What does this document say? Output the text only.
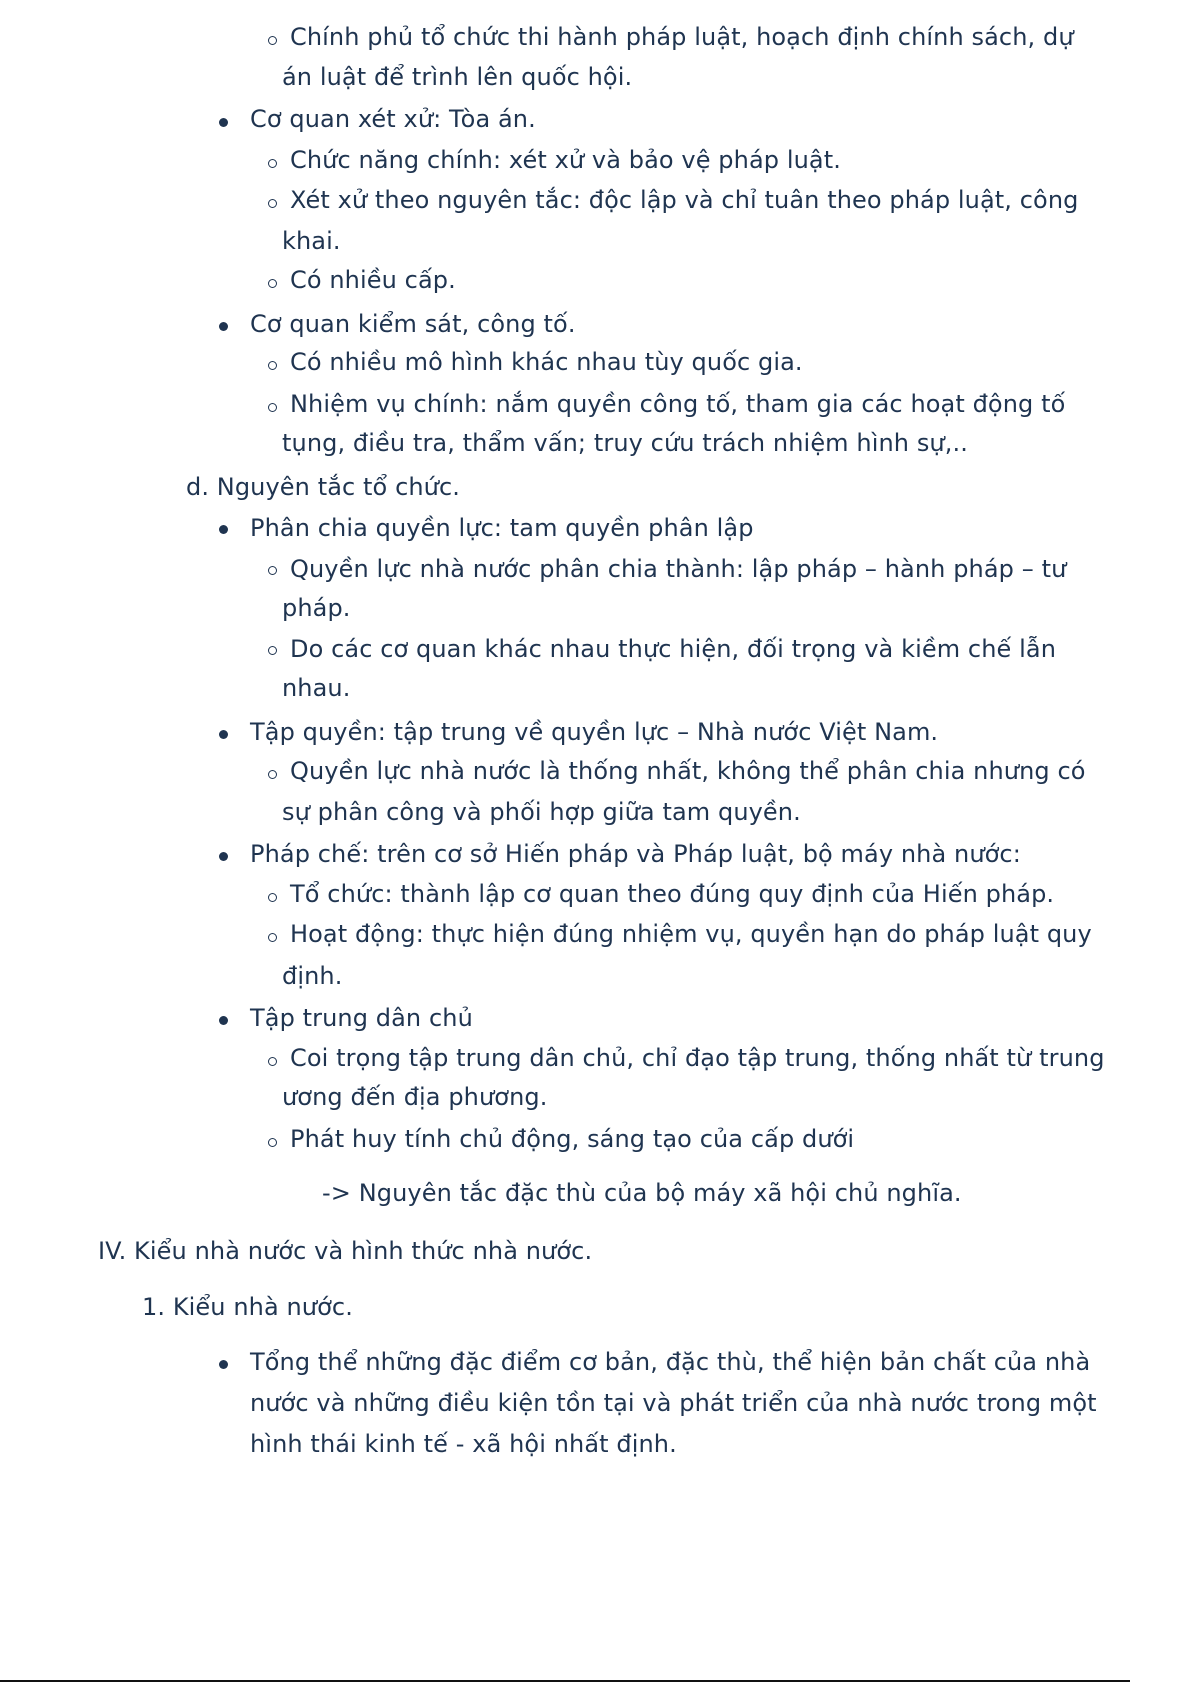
Chính phủ tổ chức thi hành pháp luật, hoạch định chính sách, dự
án luật để trình lên quốc hội.
Cơ quan xét xử: Tòa án.
Chức năng chính: xét xử và bảo vệ pháp luật.
Xét xử theo nguyên tắc: độc lập và chỉ tuân theo pháp luật, công
khai.
Có nhiều cấp.
Cơ quan kiểm sát, công tố.
Có nhiều mô hình khác nhau tùy quốc gia.
Nhiệm vụ chính: nắm quyền công tố, tham gia các hoạt động tố
tụng, điều tra, thẩm vấn; truy cứu trách nhiệm hình sự,..
d. Nguyên tắc tổ chức.
Phân chia quyền lực: tam quyền phân lập
Quyền lực nhà nước phân chia thành: lập pháp – hành pháp – tư
pháp.
Do các cơ quan khác nhau thực hiện, đối trọng và kiềm chế lẫn
nhau.
Tập quyền: tập trung về quyền lực – Nhà nước Việt Nam.
Quyền lực nhà nước là thống nhất, không thể phân chia nhưng có
sự phân công và phối hợp giữa tam quyền.
Pháp chế: trên cơ sở Hiến pháp và Pháp luật, bộ máy nhà nước:
Tổ chức: thành lập cơ quan theo đúng quy định của Hiến pháp.
Hoạt động: thực hiện đúng nhiệm vụ, quyền hạn do pháp luật quy
định.
Tập trung dân chủ
Coi trọng tập trung dân chủ, chỉ đạo tập trung, thống nhất từ trung
ương đến địa phương.
Phát huy tính chủ động, sáng tạo của cấp dưới
-> Nguyên tắc đặc thù của bộ máy xã hội chủ nghĩa.
IV. Kiểu nhà nước và hình thức nhà nước.
1. Kiểu nhà nước.
Tổng thể những đặc điểm cơ bản, đặc thù, thể hiện bản chất của nhà
nước và những điều kiện tồn tại và phát triển của nhà nước trong một
hình thái kinh tế - xã hội nhất định.
